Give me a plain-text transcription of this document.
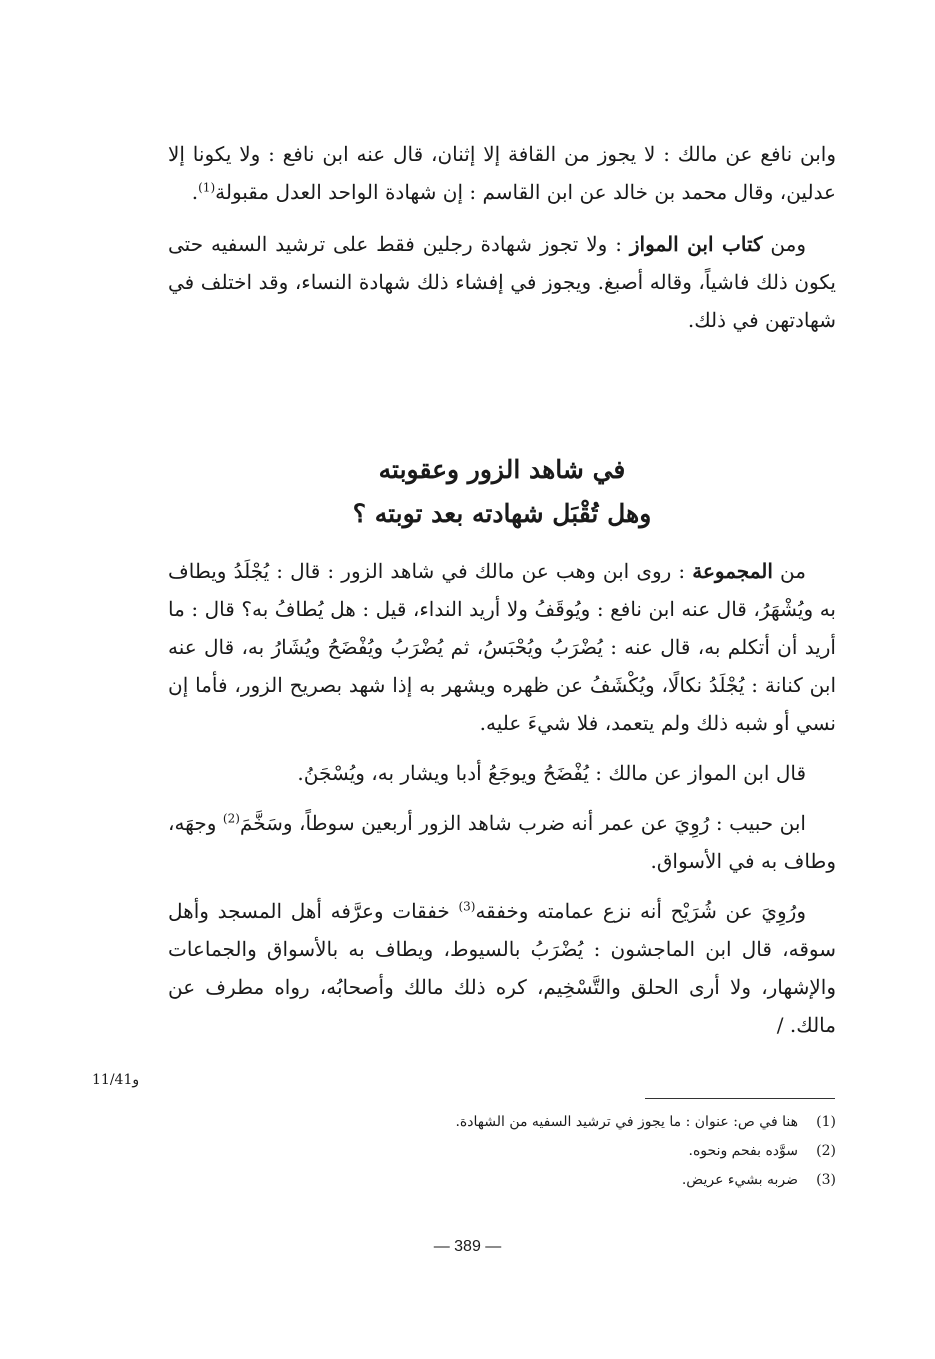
وابن نافع عن مالك : لا يجوز من القافة إلا إثنان، قال عنه ابن نافع : ولا يكونا إلا عدلين، وقال محمد بن خالد عن ابن القاسم : إن شهادة الواحد العدل مقبولة$^{(1)}$.

ومن كتاب ابن المواز : ولا تجوز شهادة رجلين فقط على ترشيد السفيه حتى يكون ذلك فاشياً، وقاله أصبغ. ويجوز في إفشاء ذلك شهادة النساء، وقد اختلف في شهادتهن في ذلك.

في شاهد الزور وعقوبته
وهل تُقْبَل شهادته بعد توبته ؟

من المجموعة : روى ابن وهب عن مالك في شاهد الزور : قال : يُجْلَدُ ويطاف به ويُشْهَرُ، قال عنه ابن نافع : ويُوقَفُ ولا أريد النداء، قيل : هل يُطافُ به؟ قال : ما أريد أن أتكلم به، قال عنه : يُضْرَبُ ويُحْبَسُ، ثم يُضْرَبُ ويُفْضَحُ ويُشَارُ به، قال عنه ابن كنانة : يُجْلَدُ نكالًا، ويُكْشَفُ عن ظهره ويشهر به إذا شهد بصريح الزور، فأما إن نسي أو شبه ذلك ولم يتعمد، فلا شيءَ عليه.

قال ابن المواز عن مالك : يُفْضَحُ ويوجَعُ أدبا ويشار به، ويُسْجَنُ.

ابن حبيب : رُوِيَ عن عمر أنه ضرب شاهد الزور أربعين سوطاً، وسَخَّمَ$^{(2)}$ وجهَه، وطاف به في الأسواق.

ورُوِيَ عن شُرَيْح أنه نزع عمامته وخفقه$^{(3)}$ خفقات وعرَّفه أهل المسجد وأهل سوقه، قال ابن الماجشون : يُضْرَبُ بالسيوط، ويطاف به بالأسواق والجماعات والإشهار، ولا أرى الحلق والتَّسْخِيم، كره ذلك مالك وأصحابُه، رواه مطرف عن مالك. /

11/41و
(1)
هنا في ص: عنوان : ما يجوز في ترشيد السفيه من الشهادة.
(2)
سوَّده بفحم ونحوه.
(3)
ضربه بشيء عريض.
— 389 —
